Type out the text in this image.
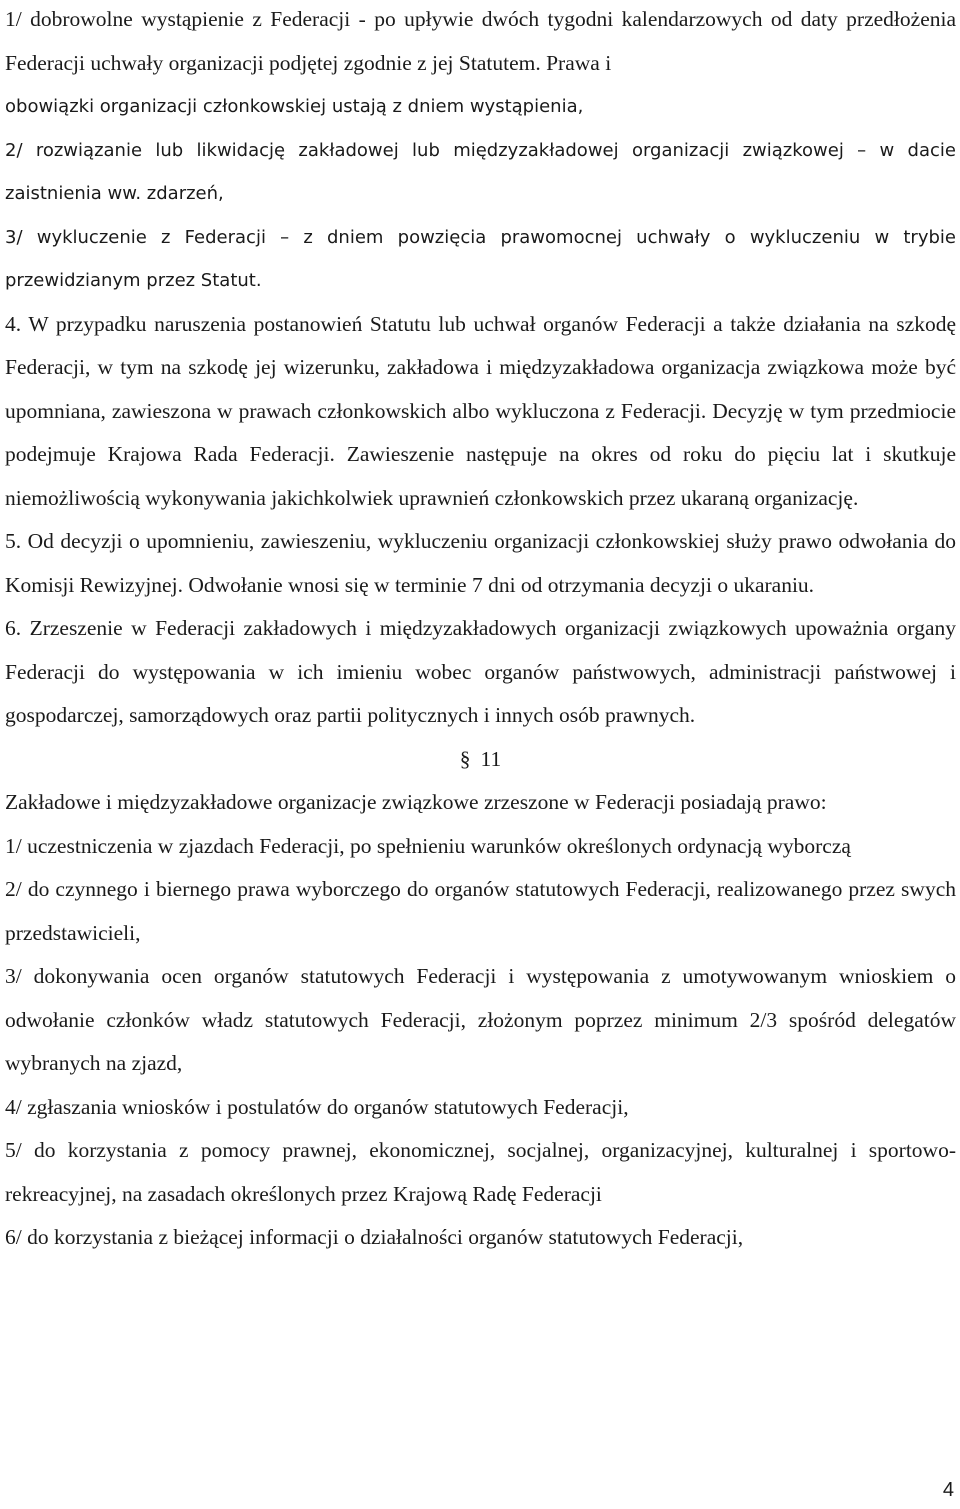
1/ dobrowolne wystąpienie z Federacji - po upływie dwóch tygodni kalendarzowych od daty przedłożenia Federacji uchwały organizacji podjętej zgodnie z jej Statutem. Prawa i

obowiązki organizacji członkowskiej ustają z dniem wystąpienia,

2/ rozwiązanie lub likwidację zakładowej lub międzyzakładowej organizacji związkowej – w dacie zaistnienia ww. zdarzeń,

3/ wykluczenie z Federacji – z dniem powzięcia prawomocnej uchwały o wykluczeniu w trybie przewidzianym przez Statut.

4. W przypadku naruszenia postanowień Statutu lub uchwał organów Federacji a także działania na szkodę Federacji, w tym na szkodę jej wizerunku, zakładowa i międzyzakładowa organizacja związkowa może być upomniana, zawieszona w prawach członkowskich albo wykluczona z Federacji. Decyzję w tym przedmiocie podejmuje Krajowa Rada Federacji. Zawieszenie następuje na okres od roku do pięciu lat i skutkuje niemożliwością wykonywania jakichkolwiek uprawnień członkowskich przez ukaraną organizację.

5. Od decyzji o upomnieniu, zawieszeniu, wykluczeniu organizacji członkowskiej służy prawo odwołania do Komisji Rewizyjnej. Odwołanie wnosi się w terminie 7 dni od otrzymania decyzji o ukaraniu.

6. Zrzeszenie w Federacji zakładowych i międzyzakładowych organizacji związkowych upoważnia organy Federacji do występowania w ich imieniu wobec organów państwowych, administracji państwowej i gospodarczej, samorządowych oraz partii politycznych i innych osób prawnych.

§ 11

Zakładowe i międzyzakładowe organizacje związkowe zrzeszone w Federacji posiadają prawo:

1/ uczestniczenia w zjazdach Federacji, po spełnieniu warunków określonych ordynacją wyborczą

2/ do czynnego i biernego prawa wyborczego do organów statutowych Federacji, realizowanego przez swych przedstawicieli,

3/ dokonywania ocen organów statutowych Federacji i występowania z umotywowanym wnioskiem o odwołanie członków władz statutowych Federacji, złożonym poprzez minimum 2/3 spośród delegatów wybranych na zjazd,

4/ zgłaszania wniosków i postulatów do organów statutowych Federacji,

5/ do korzystania z pomocy prawnej, ekonomicznej, socjalnej, organizacyjnej, kulturalnej i sportowo-rekreacyjnej, na zasadach określonych przez Krajową Radę Federacji

6/ do korzystania z bieżącej informacji o działalności organów statutowych Federacji,

4
